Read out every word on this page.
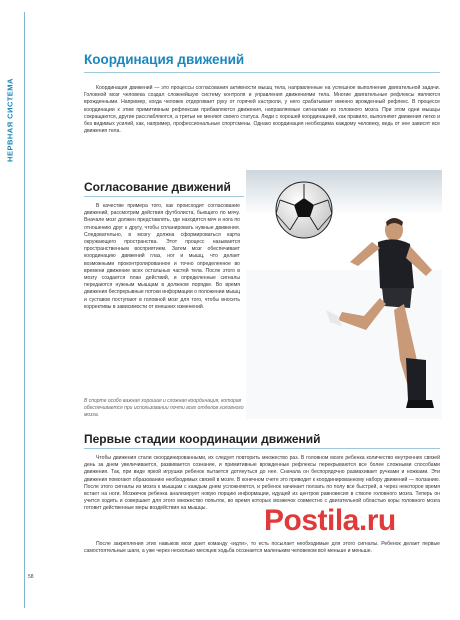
НЕРВНАЯ СИСТЕМА
58
Координация движений

Координация движений — это процессы согласования активности мышц тела, направленные на успешное выполнение двигательной задачи. Головной мозг человека создал сложнейшую систему контроля и управления движениями тела. Многие двигательные рефлексы являются врожденными. Например, когда человек отдергивает руку от горячей кастрюли, у него срабатывает именно врожденный рефлекс. В процессе координации к этим примитивным рефлексам прибавляются движения, направляемые сигналами из головного мозга. При этом одни мышцы сокращаются, другие расслабляются, а третьи не меняют своего статуса. Люди с хорошей координацией, как правило, выполняют движения легко и без видимых усилий, как, например, профессиональные спортсмены. Однако координация необходима каждому человеку, ведь от нее зависят все движения тела.

Согласование движений

В качестве примера того, как происходит согласование движений, рассмотрим действия футболиста, бьющего по мячу. Вначале мозг должен представлять, где находятся мяч и нога по отношению друг к другу, чтобы спланировать нужные движения. Следовательно, в мозгу должна сформироваться карта окружающего пространства. Этот процесс называется пространственным восприятием. Затем мозг обеспечивает координацию движений глаз, ног и мышц, что делает возможными проконтролированное и точно определенное во времени движение всех остальных частей тела. После этого в мозгу создается план действий, и определенные сигналы передаются нужным мышцам в должном порядке. Во время движения беспрерывные потоки информации о положении мышц и суставов поступают в головной мозг для того, чтобы вносить коррективы в зависимости от внешних изменений.

В спорте особо важная хорошая и сложная координация, которая обеспечивается при использовании почти всех отделов головного мозга.

Первые стадии координации движений

Чтобы движения стали скоординированными, их следует повторить множество раз. В головном мозге ребенка количество внутренних связей день за днем увеличивается, развивается сознание, и примитивные врожденные рефлексы перекрываются все более сложными способами движения. Так, при виде яркой игрушки ребенок пытается дотянуться до нее. Сначала он беспорядочно размахивает ручками и ножками. Эти движения помогают образованию необходимых связей в мозге. В конечном счете это приводит к координированному набору движений — ползанию. После этого сигналы из мозга к мышцам с каждым днем усложняются, и ребенок начинает ползать по полу все быстрей, а через некоторое время встает на ноги. Мозжечок ребенка анализирует новую порцию информации, идущей из центров равновесия в стволе головного мозга. Теперь он учится ходить и совершает для этого множество попыток, во время которых мозжечок совместно с двигательной областью коры головного мозга готовит действенные меры воздействия на мышцы.

После закрепления этих навыков мозг дает команду «идти», то есть посылает необходимые для этого сигналы. Ребенок делает первые самостоятельные шаги, а уже через несколько месяцев ходьба осознается маленьким человеком всё меньше и меньше.

Postila.ru
